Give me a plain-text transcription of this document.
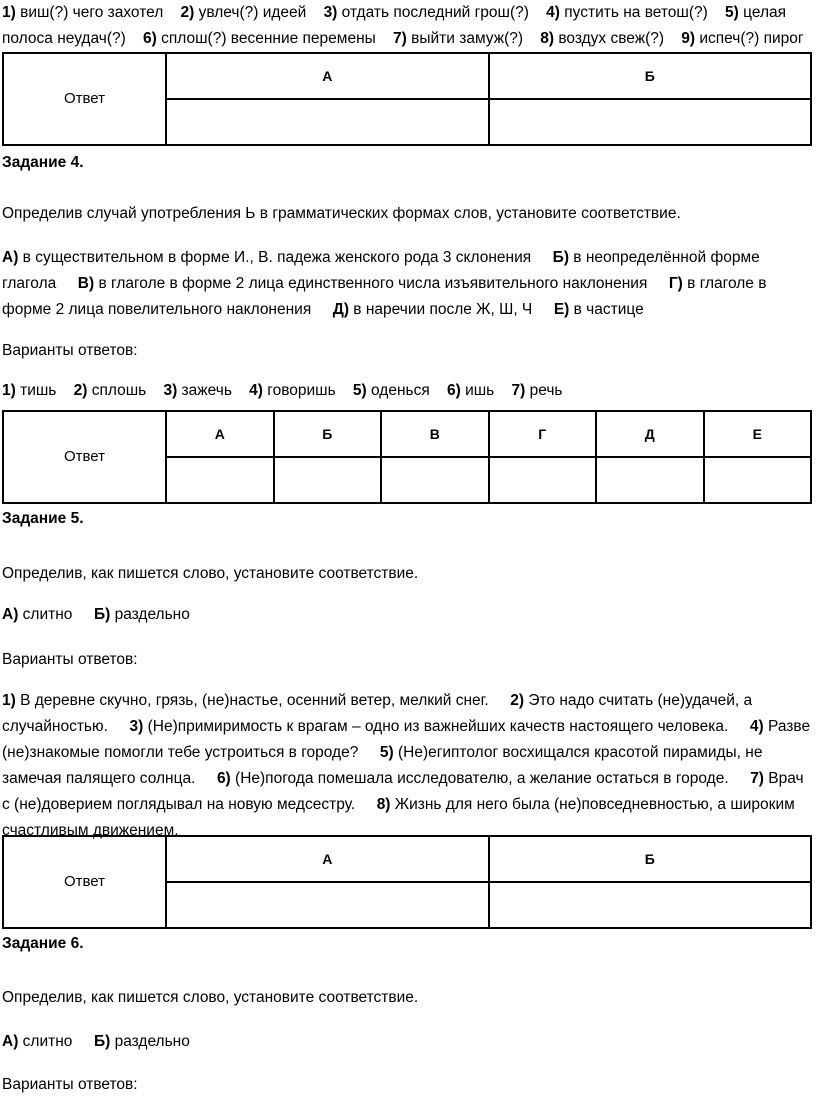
1) виш(?) чего захотел 2) увлеч(?) идеей 3) отдать последний грош(?) 4) пустить на ветош(?) 5) целая полоса неудач(?) 6) сплош(?) весенние перемены 7) выйти замуж(?) 8) воздух свеж(?) 9) испеч(?) пирог

Ответ	А	Б

Задание 4.

Определив случай употребления Ь в грамматических формах слов, установите соответствие.

А) в существительном в форме И., В. падежа женского рода 3 склонения Б) в неопределённой форме глагола В) в глаголе в форме 2 лица единственного числа изъявительного наклонения Г) в глаголе в форме 2 лица повелительного наклонения Д) в наречии после Ж, Ш, Ч Е) в частице

Варианты ответов:

1) тишь 2) сплошь 3) зажечь 4) говоришь 5) оденься 6) ишь 7) речь

Ответ	А	Б	В	Г	Д	Е

Задание 5.

Определив, как пишется слово, установите соответствие.

А) слитно Б) раздельно

Варианты ответов:

1) В деревне скучно, грязь, (не)настье, осенний ветер, мелкий снег. 2) Это надо считать (не)удачей, а случайностью. 3) (Не)примиримость к врагам – одно из важнейших качеств настоящего человека. 4) Разве (не)знакомые помогли тебе устроиться в городе? 5) (Не)египтолог восхищался красотой пирамиды, не замечая палящего солнца. 6) (Не)погода помешала исследователю, а желание остаться в городе. 7) Врач с (не)доверием поглядывал на новую медсестру. 8) Жизнь для него была (не)повседневностью, а широким счастливым движением.

Ответ	А	Б

Задание 6.

Определив, как пишется слово, установите соответствие.

А) слитно Б) раздельно

Варианты ответов:
